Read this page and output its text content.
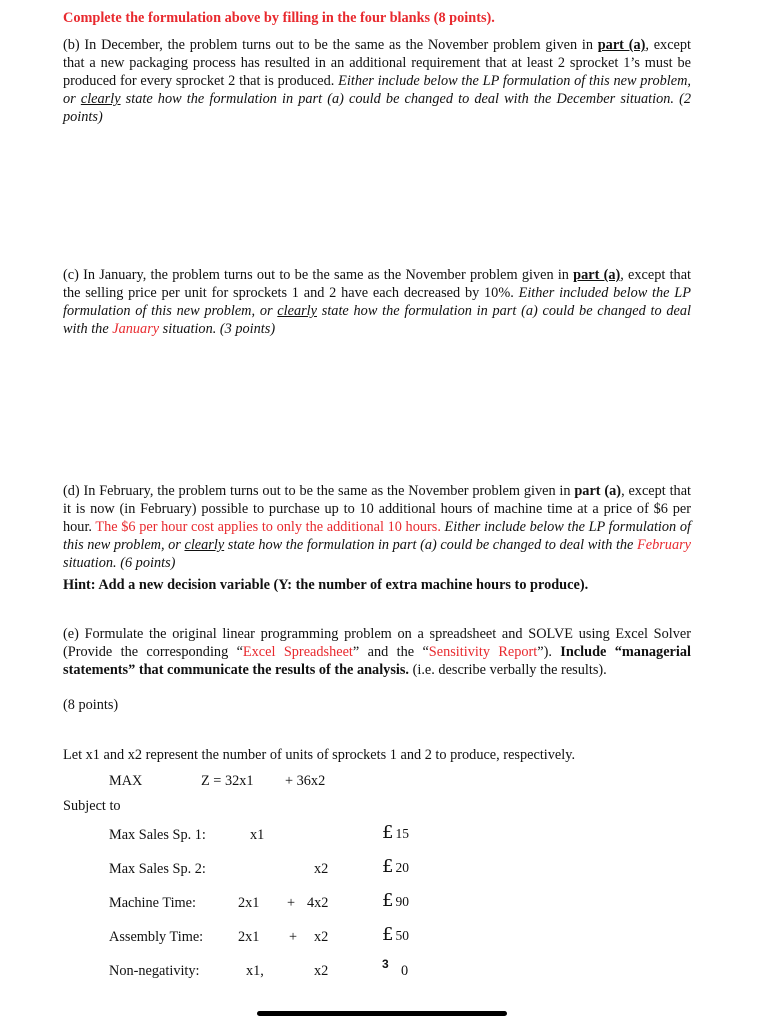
Complete the formulation above by filling in the four blanks (8 points).
(b) In December, the problem turns out to be the same as the November problem given in part (a), except that a new packaging process has resulted in an additional requirement that at least 2 sprocket 1’s must be produced for every sprocket 2 that is produced. Either include below the LP formulation of this new problem, or clearly state how the formulation in part (a) could be changed to deal with the December situation. (2 points)
(c) In January, the problem turns out to be the same as the November problem given in part (a), except that the selling price per unit for sprockets 1 and 2 have each decreased by 10%. Either included below the LP formulation of this new problem, or clearly state how the formulation in part (a) could be changed to deal with the January situation. (3 points)
(d) In February, the problem turns out to be the same as the November problem given in part (a), except that it is now (in February) possible to purchase up to 10 additional hours of machine time at a price of $6 per hour. The $6 per hour cost applies to only the additional 10 hours. Either include below the LP formulation of this new problem, or clearly state how the formulation in part (a) could be changed to deal with the February situation. (6 points)
Hint: Add a new decision variable (Y: the number of extra machine hours to produce).
(e) Formulate the original linear programming problem on a spreadsheet and SOLVE using Excel Solver (Provide the corresponding “Excel Spreadsheet” and the “Sensitivity Report”). Include “managerial statements” that communicate the results of the analysis. (i.e. describe verbally the results).
(8 points)
Let x1 and x2 represent the number of units of sprockets 1 and 2 to produce, respectively.
MAX	Z = 32x1 + 36x2
Subject to
Max Sales Sp. 1:	x1	£ 15
Max Sales Sp. 2:	x2	£ 20
Machine Time:	2x1 + 4x2	£ 90
Assembly Time: 2x1 + x2	£ 50
Non-negativity:	x1,	x2	3 0
